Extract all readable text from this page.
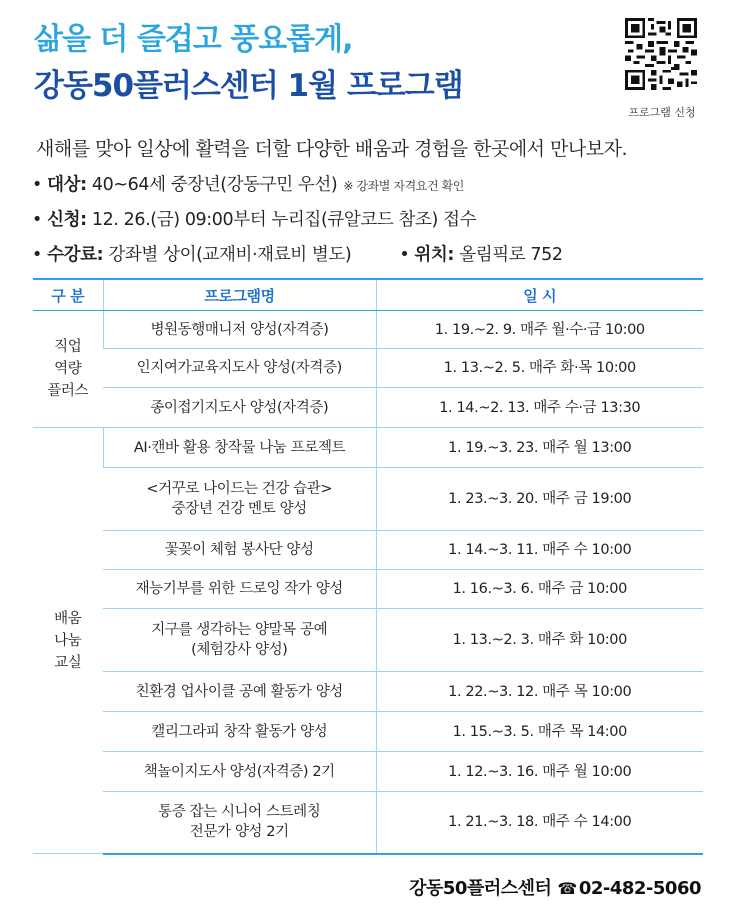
삶을 더 즐겁고 풍요롭게,
강동50플러스센터 1월 프로그램
프로그램 신청
새해를 맞아 일상에 활력을 더할 다양한 배움과 경험을 한곳에서 만나보자.
• 대상: 40~64세 중장년(강동구민 우선) ※ 강좌별 자격요건 확인
• 신청: 12. 26.(금) 09:00부터 누리집(큐알코드 참조) 접수
• 수강료: 강좌별 상이(교재비·재료비 별도)	• 위치: 올림픽로 752
구 분	프로그램명	일 시

직업
역량
플러스	병원동행매니저 양성(자격증)	1. 19.~2. 9. 매주 월·수·금 10:00
	인지여가교육지도사 양성(자격증)	1. 13.~2. 5. 매주 화·목 10:00
	종이접기지도사 양성(자격증)	1. 14.~2. 13. 매주 수·금 13:30

배움
나눔
교실	AI·캔바 활용 창작물 나눔 프로젝트	1. 19.~3. 23. 매주 월 13:00

	<거꾸로 나이드는 건강 습관>
중장년 건강 멘토 양성	1. 23.~3. 20. 매주 금 19:00
	꽃꽂이 체험 봉사단 양성	1. 14.~3. 11. 매주 수 10:00
	재능기부를 위한 드로잉 작가 양성	1. 16.~3. 6. 매주 금 10:00

	지구를 생각하는 양말목 공예
(체험강사 양성)	1. 13.~2. 3. 매주 화 10:00
	친환경 업사이클 공예 활동가 양성	1. 22.~3. 12. 매주 목 10:00
	캘리그라피 창작 활동가 양성	1. 15.~3. 5. 매주 목 14:00
	책놀이지도사 양성(자격증) 2기	1. 12.~3. 16. 매주 월 10:00

	통증 잡는 시니어 스트레칭
전문가 양성 2기	1. 21.~3. 18. 매주 수 14:00
강동50플러스센터 ☎ 02-482-5060
